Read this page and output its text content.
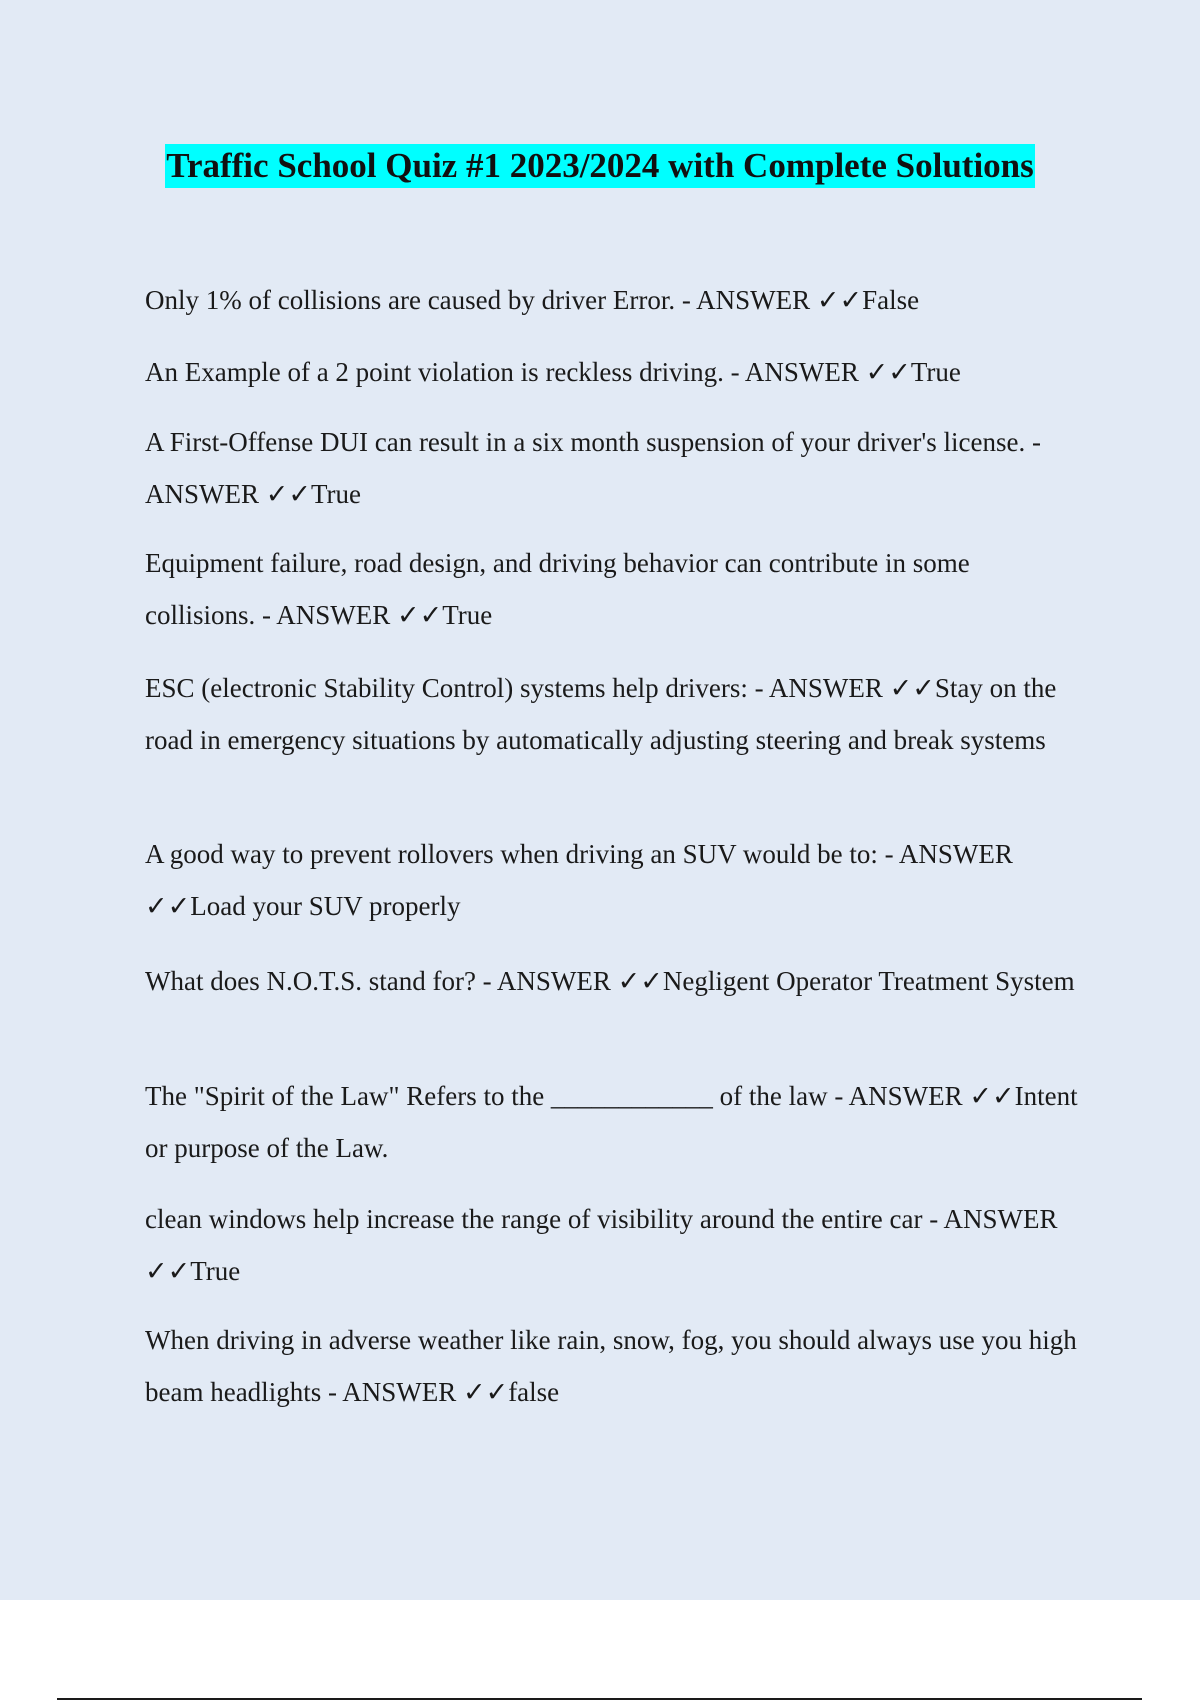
Traffic School Quiz #1 2023/2024 with Complete Solutions

Only 1% of collisions are caused by driver Error. - ANSWER ✓✓False

An Example of a 2 point violation is reckless driving. - ANSWER ✓✓True

A First-Offense DUI can result in a six month suspension of your driver's license. - ANSWER ✓✓True

Equipment failure, road design, and driving behavior can contribute in some collisions. - ANSWER ✓✓True

ESC (electronic Stability Control) systems help drivers: - ANSWER ✓✓Stay on the road in emergency situations by automatically adjusting steering and break systems

A good way to prevent rollovers when driving an SUV would be to: - ANSWER ✓✓Load your SUV properly

What does N.O.T.S. stand for? - ANSWER ✓✓Negligent Operator Treatment System

The "Spirit of the Law" Refers to the ____________ of the law - ANSWER ✓✓Intent or purpose of the Law.

clean windows help increase the range of visibility around the entire car - ANSWER ✓✓True

When driving in adverse weather like rain, snow, fog, you should always use you high beam headlights - ANSWER ✓✓false
